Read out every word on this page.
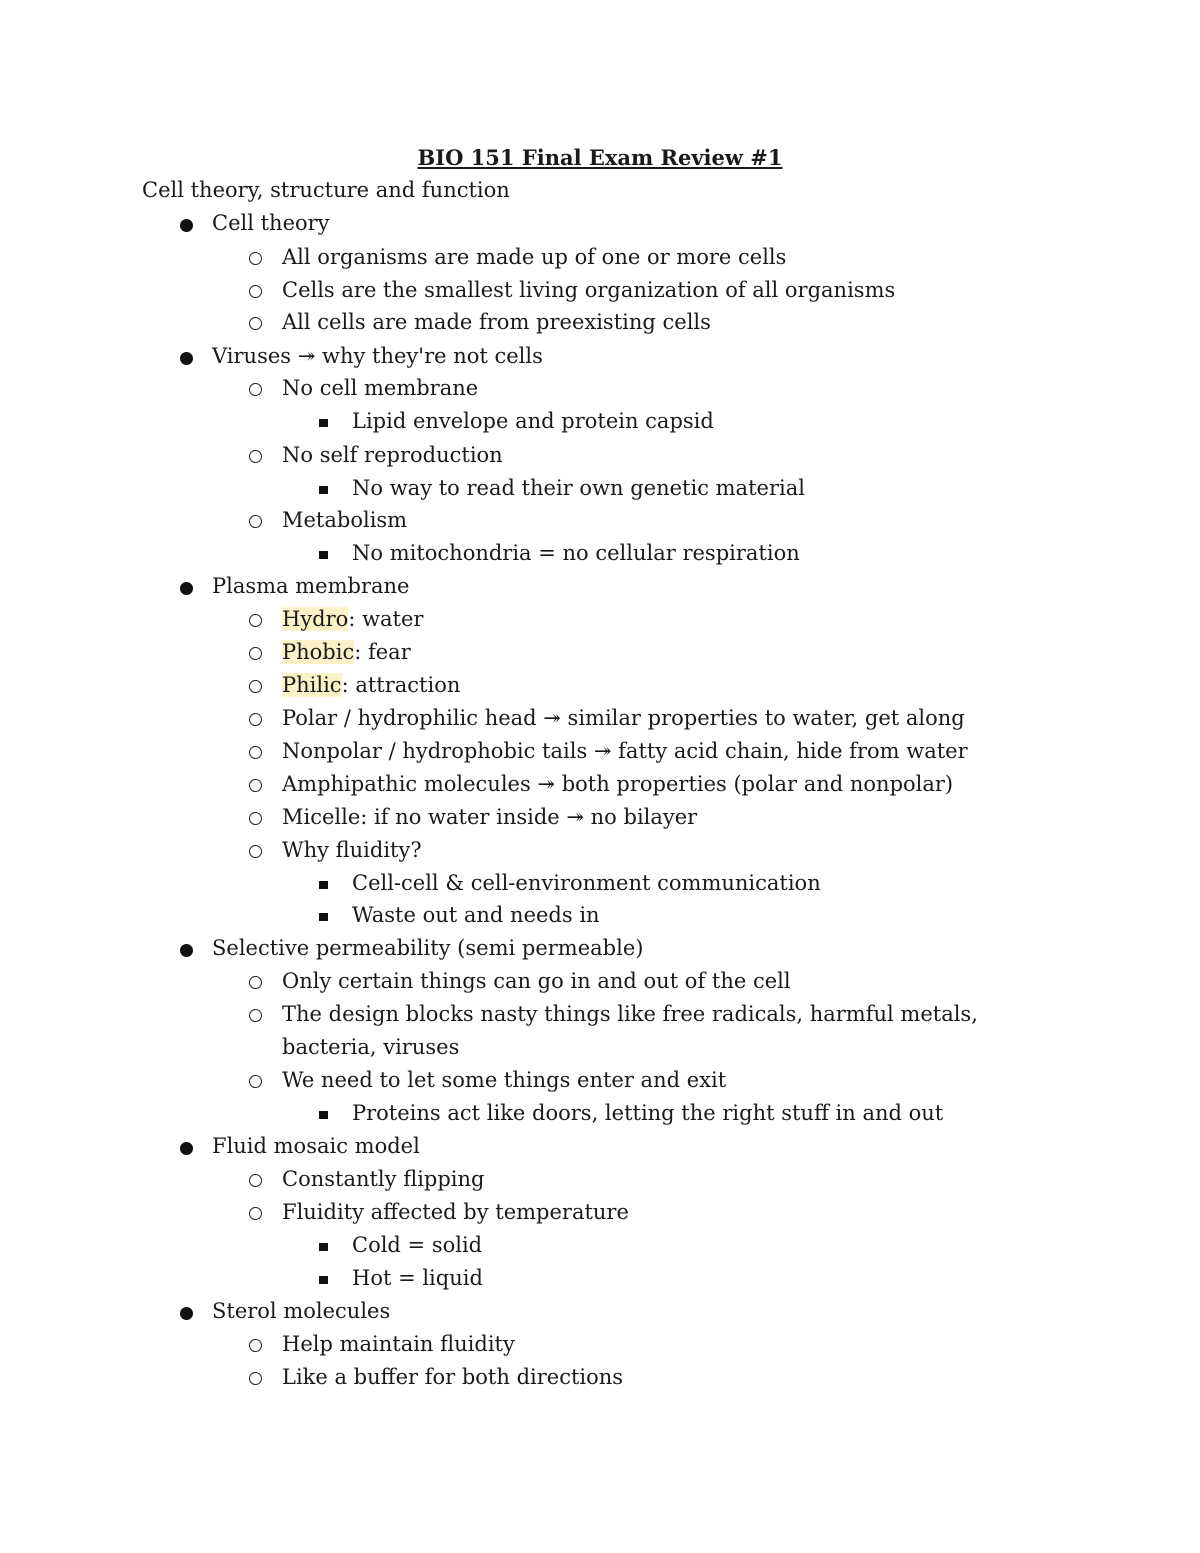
BIO 151 Final Exam Review #1
Cell theory, structure and function
Cell theory
All organisms are made up of one or more cells
Cells are the smallest living organization of all organisms
All cells are made from preexisting cells
Viruses ↠ why they're not cells
No cell membrane
Lipid envelope and protein capsid
No self reproduction
No way to read their own genetic material
Metabolism
No mitochondria = no cellular respiration
Plasma membrane
Hydro: water
Phobic: fear
Philic: attraction
Polar / hydrophilic head ↠ similar properties to water, get along
Nonpolar / hydrophobic tails ↠ fatty acid chain, hide from water
Amphipathic molecules ↠ both properties (polar and nonpolar)
Micelle: if no water inside ↠ no bilayer
Why fluidity?
Cell-cell & cell-environment communication
Waste out and needs in
Selective permeability (semi permeable)
Only certain things can go in and out of the cell
The design blocks nasty things like free radicals, harmful metals, bacteria, viruses
We need to let some things enter and exit
Proteins act like doors, letting the right stuff in and out
Fluid mosaic model
Constantly flipping
Fluidity affected by temperature
Cold = solid
Hot = liquid
Sterol molecules
Help maintain fluidity
Like a buffer for both directions
